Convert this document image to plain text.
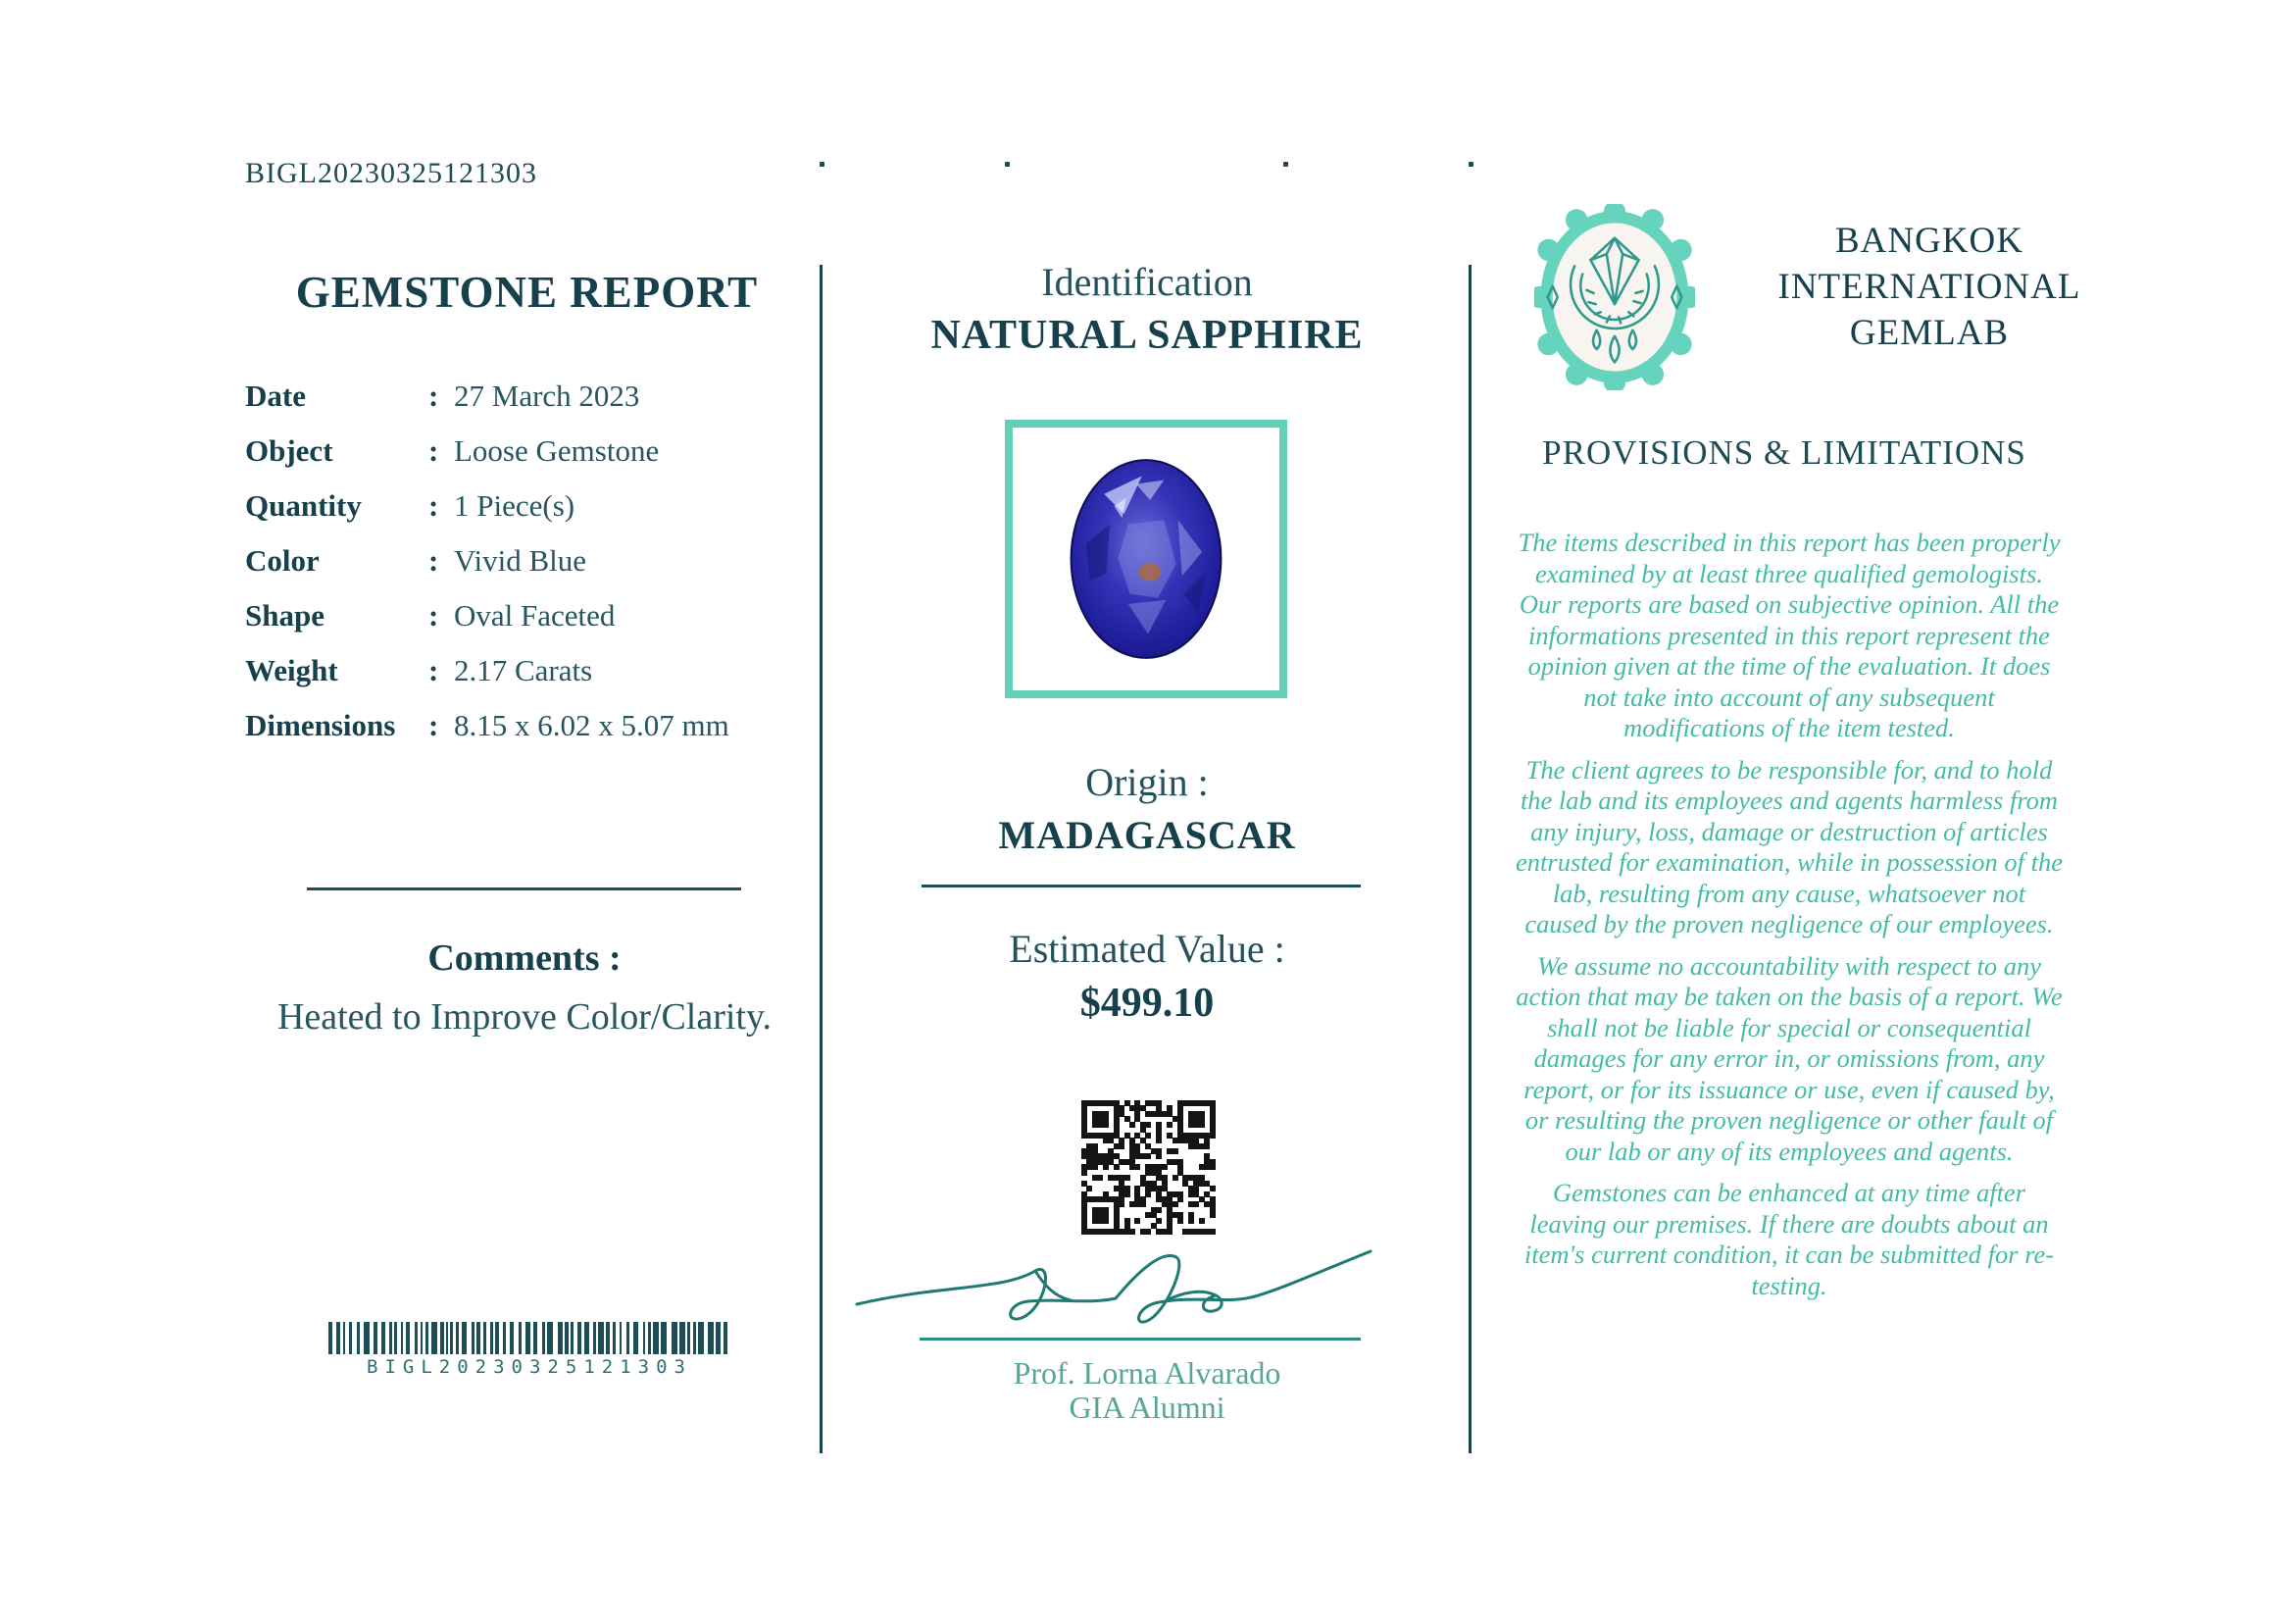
BIGL20230325121303
GEMSTONE REPORT
Date	: 27 March 2023
Object	: Loose Gemstone
Quantity	: 1 Piece(s)
Color	: Vivid Blue
Shape	: Oval Faceted
Weight	: 2.17 Carats
Dimensions	: 8.15 x 6.02 x 5.07 mm
Comments :
Heated to Improve Color/Clarity.
BIGL20230325121303
Identification
NATURAL SAPPHIRE
Origin :
MADAGASCAR
Estimated Value :
$499.10
Prof. Lorna Alvarado
GIA Alumni
BANGKOK
INTERNATIONAL
GEMLAB
PROVISIONS & LIMITATIONS

The items described in this report has been properly examined by at least three qualified gemologists. Our reports are based on subjective opinion. All the informations presented in this report represent the opinion given at the time of the evaluation. It does not take into account of any subsequent modifications of the item tested.

The client agrees to be responsible for, and to hold the lab and its employees and agents harmless from any injury, loss, damage or destruction of articles entrusted for examination, while in possession of the lab, resulting from any cause, whatsoever not caused by the proven negligence of our employees.

We assume no accountability with respect to any action that may be taken on the basis of a report. We shall not be liable for special or consequential damages for any error in, or omissions from, any report, or for its issuance or use, even if caused by, or resulting the proven negligence or other fault of our lab or any of its employees and agents.

Gemstones can be enhanced at any time after leaving our premises. If there are doubts about an item's current condition, it can be submitted for re-testing.
